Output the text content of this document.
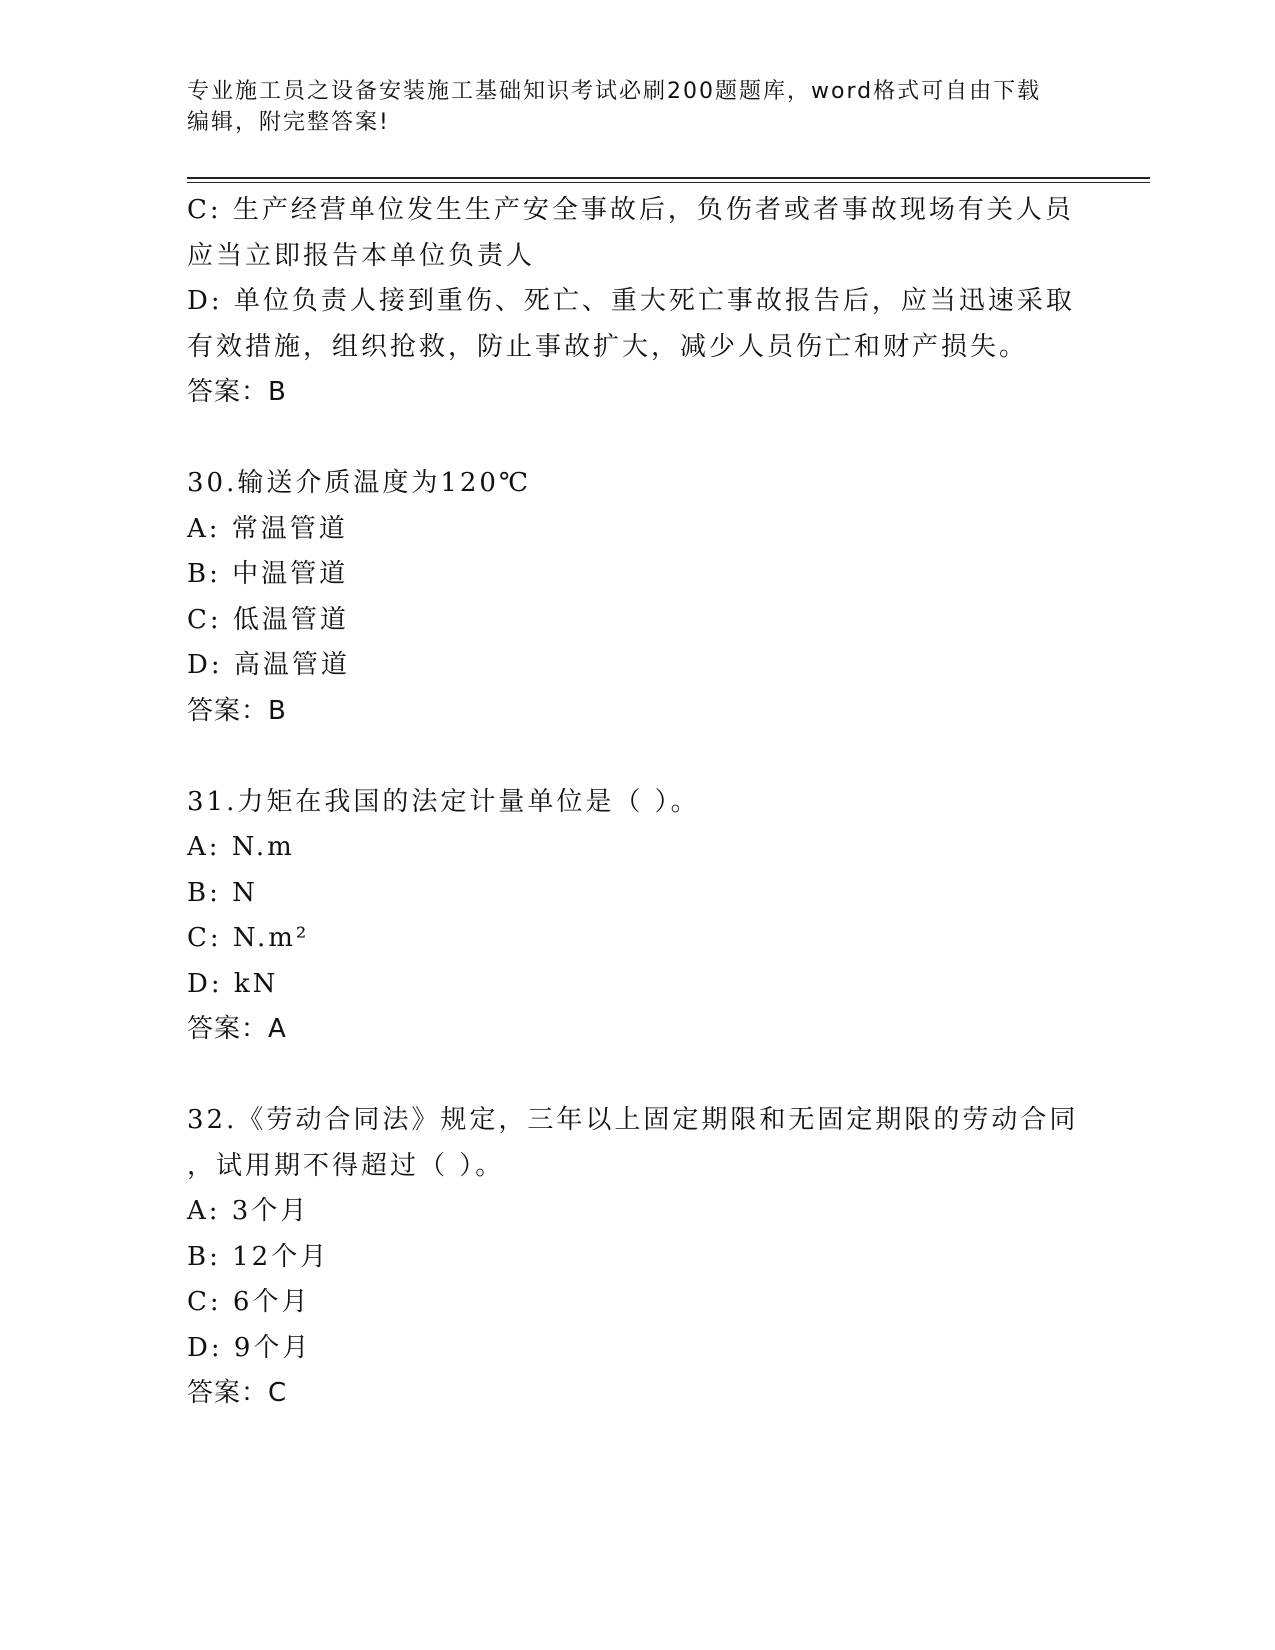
专业施工员之设备安装施工基础知识考试必刷200题题库，word格式可自由下载
编辑，附完整答案!
C: 生产经营单位发生生产安全事故后，负伤者或者事故现场有关人员
应当立即报告本单位负责人
D: 单位负责人接到重伤、死亡、重大死亡事故报告后，应当迅速采取
有效措施，组织抢救，防止事故扩大，减少人员伤亡和财产损失。
答案：B
30.输送介质温度为120℃
A: 常温管道
B: 中温管道
C: 低温管道
D: 高温管道
答案：B
31.力矩在我国的法定计量单位是（ ）。
A: N.m
B: N
C: N.m²
D: kN
答案：A
32.《劳动合同法》规定，三年以上固定期限和无固定期限的劳动合同
，试用期不得超过（ ）。
A: 3个月
B: 12个月
C: 6个月
D: 9个月
答案：C
